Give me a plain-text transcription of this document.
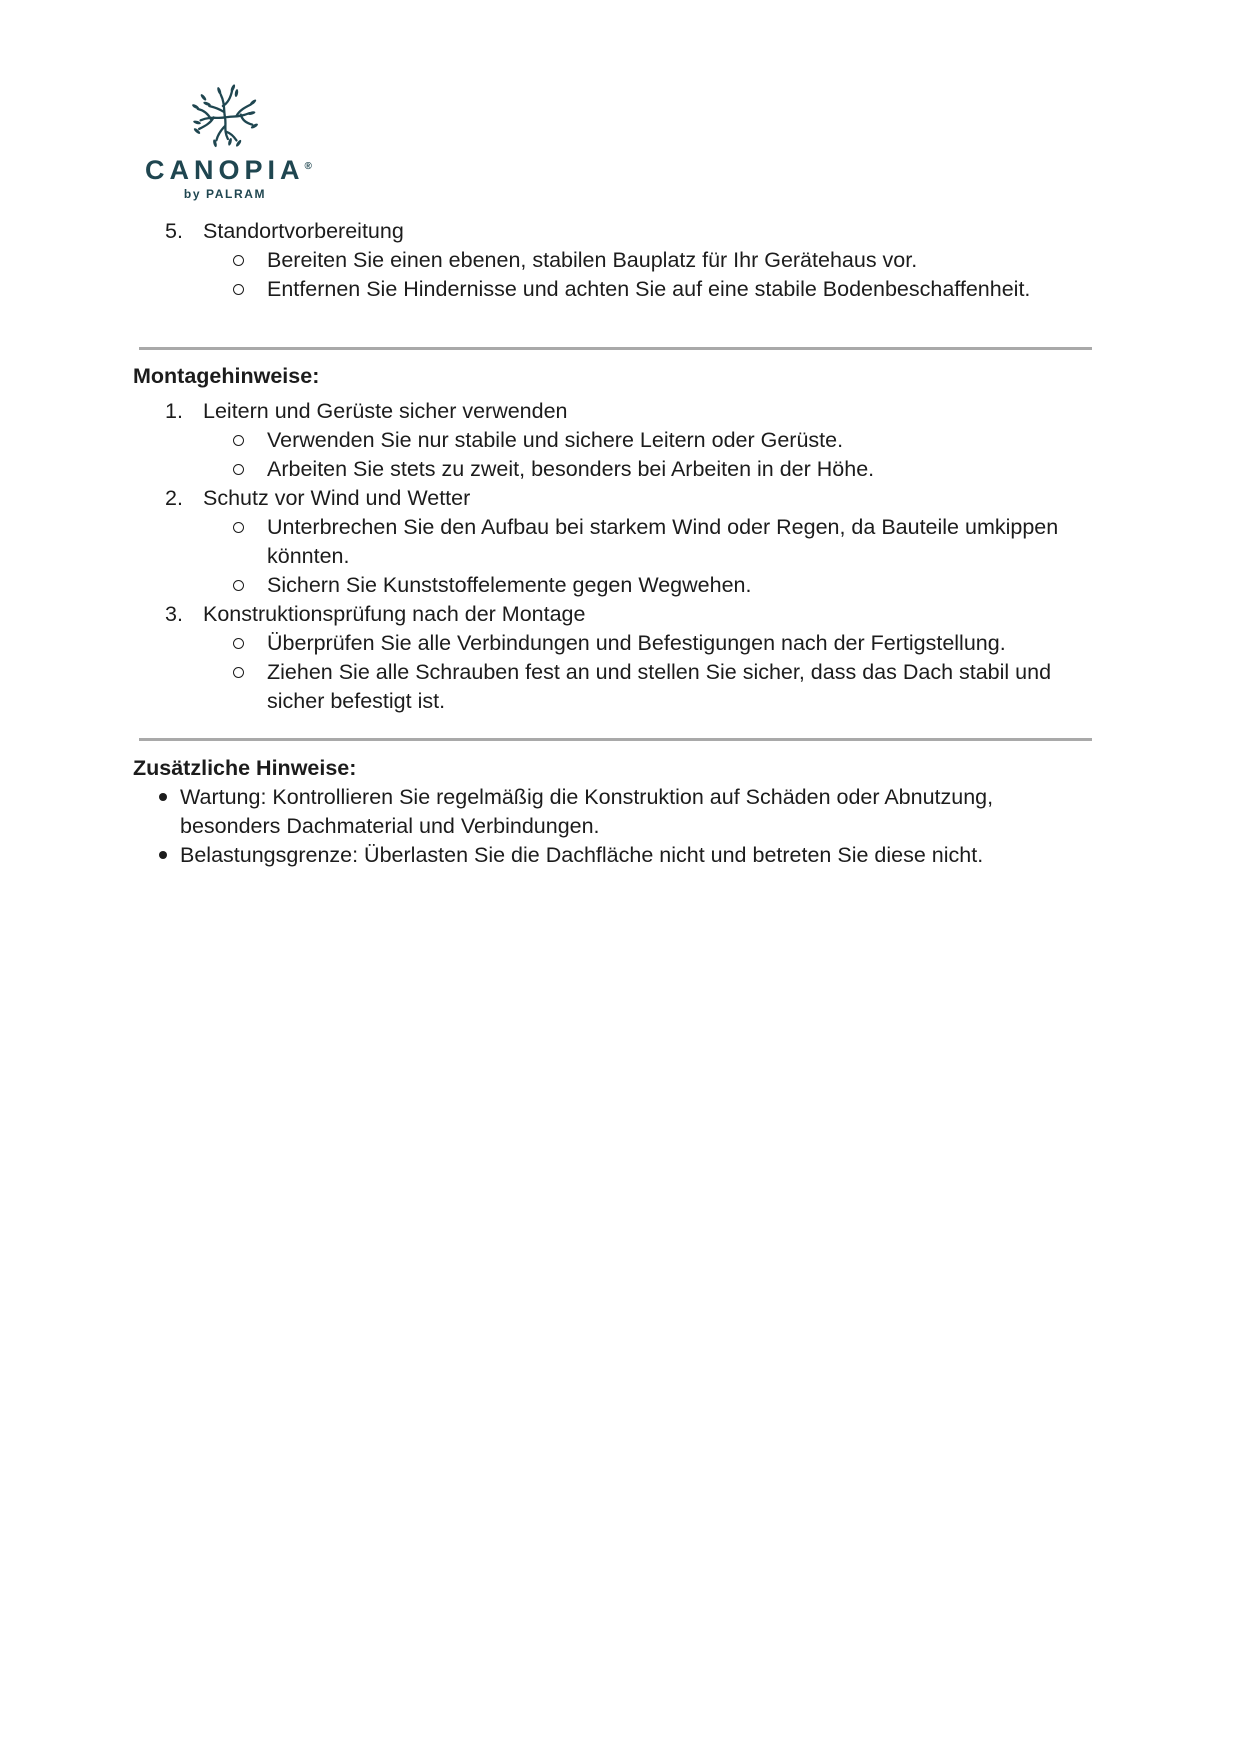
CANOPIA®
by PALRAM
5. Standortvorbereitung
Bereiten Sie einen ebenen, stabilen Bauplatz für Ihr Gerätehaus vor.
Entfernen Sie Hindernisse und achten Sie auf eine stabile Bodenbeschaffenheit.
Montagehinweise:
1. Leitern und Gerüste sicher verwenden
Verwenden Sie nur stabile und sichere Leitern oder Gerüste.
Arbeiten Sie stets zu zweit, besonders bei Arbeiten in der Höhe.
2. Schutz vor Wind und Wetter
Unterbrechen Sie den Aufbau bei starkem Wind oder Regen, da Bauteile umkippen könnten.
Sichern Sie Kunststoffelemente gegen Wegwehen.
3. Konstruktionsprüfung nach der Montage
Überprüfen Sie alle Verbindungen und Befestigungen nach der Fertigstellung.
Ziehen Sie alle Schrauben fest an und stellen Sie sicher, dass das Dach stabil und sicher befestigt ist.
Zusätzliche Hinweise:
Wartung: Kontrollieren Sie regelmäßig die Konstruktion auf Schäden oder Abnutzung, besonders Dachmaterial und Verbindungen.
Belastungsgrenze: Überlasten Sie die Dachfläche nicht und betreten Sie diese nicht.
